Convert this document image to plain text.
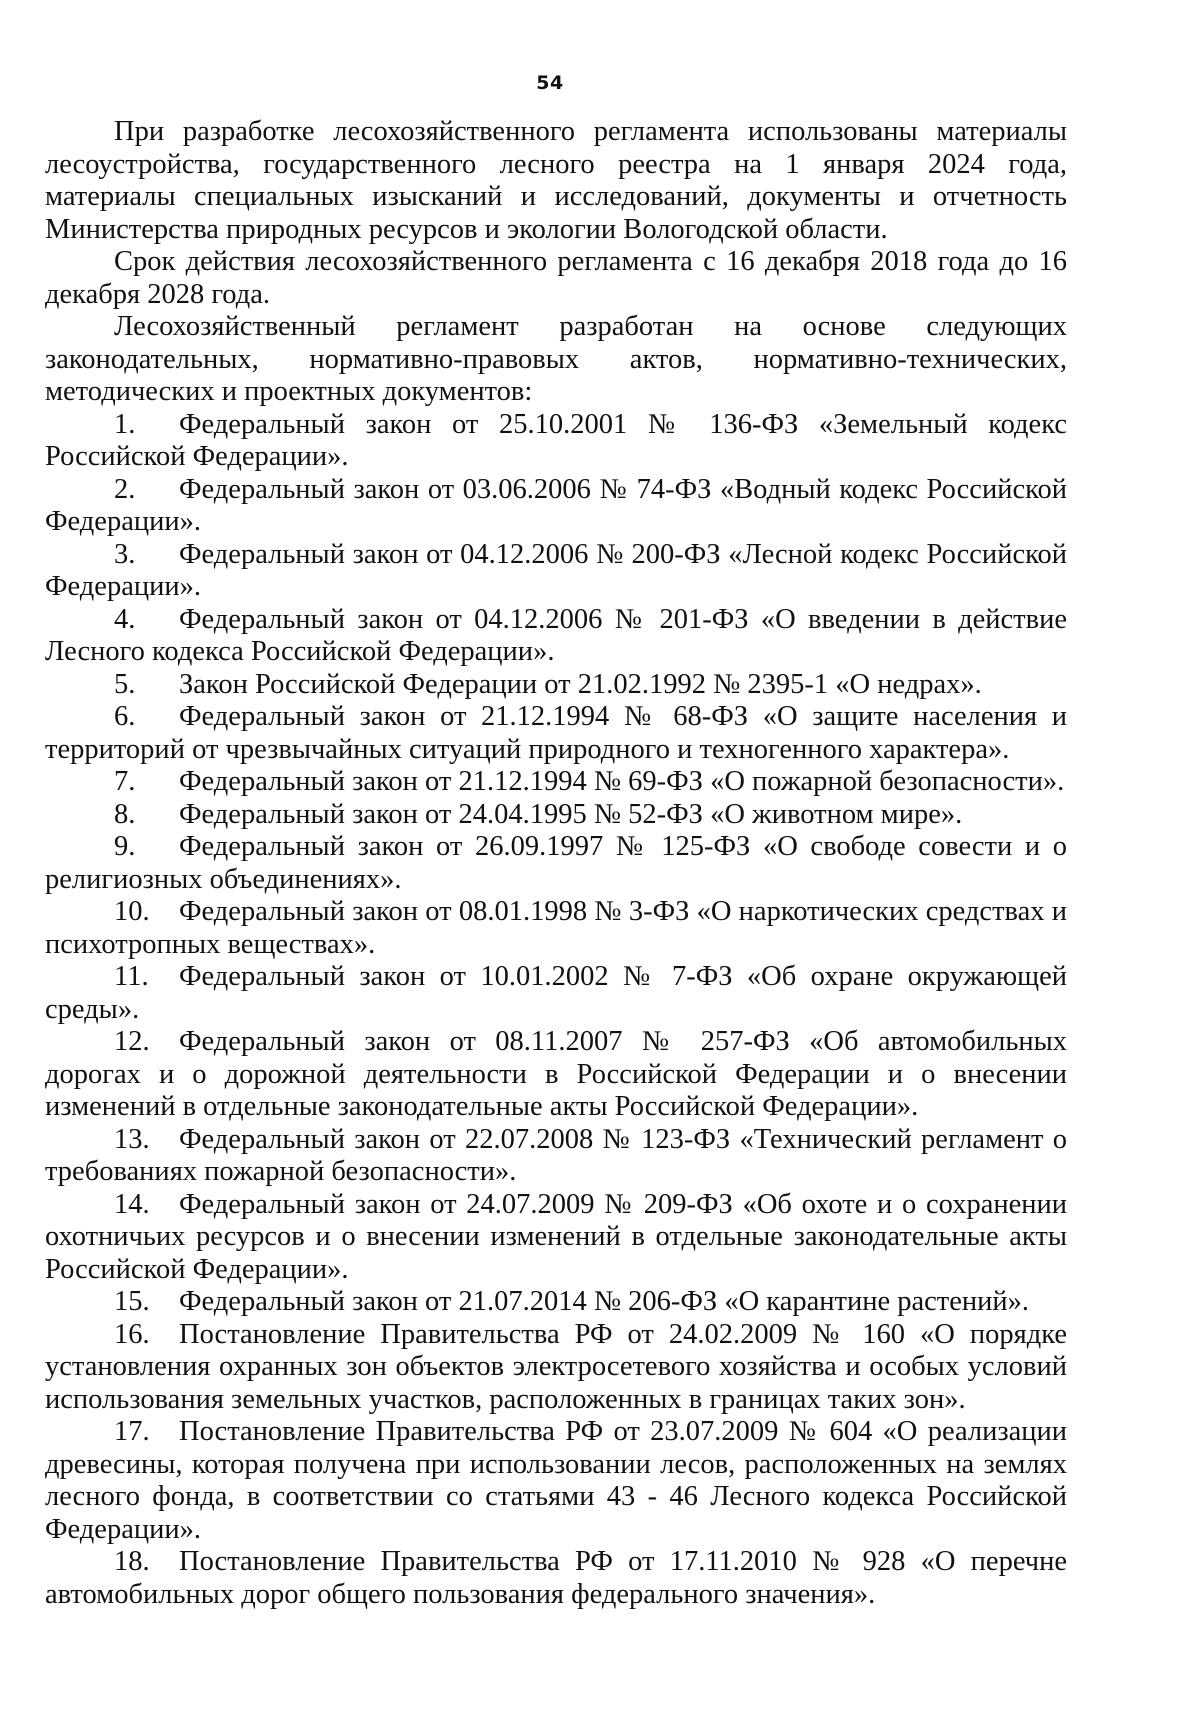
54

При разработке лесохозяйственного регламента использованы материалы лесоустройства, государственного лесного реестра на 1 января 2024 года, материалы специальных изысканий и исследований, документы и отчетность Министерства природных ресурсов и экологии Вологодской области.

Срок действия лесохозяйственного регламента с 16 декабря 2018 года до 16 декабря 2028 года.

Лесохозяйственный регламент разработан на основе следующих законодательных, нормативно-правовых актов, нормативно-технических, методических и проектных документов:

1. Федеральный закон от 25.10.2001 № 136-ФЗ «Земельный кодекс Российской Федерации».

2. Федеральный закон от 03.06.2006 № 74-ФЗ «Водный кодекс Российской Федерации».

3. Федеральный закон от 04.12.2006 № 200-ФЗ «Лесной кодекс Российской Федерации».

4. Федеральный закон от 04.12.2006 № 201-ФЗ «О введении в действие Лесного кодекса Российской Федерации».

5. Закон Российской Федерации от 21.02.1992 № 2395-1 «О недрах».

6. Федеральный закон от 21.12.1994 № 68-ФЗ «О защите населения и территорий от чрезвычайных ситуаций природного и техногенного характера».

7. Федеральный закон от 21.12.1994 № 69-ФЗ «О пожарной безопасности».

8. Федеральный закон от 24.04.1995 № 52-ФЗ «О животном мире».

9. Федеральный закон от 26.09.1997 № 125-ФЗ «О свободе совести и о религиозных объединениях».

10. Федеральный закон от 08.01.1998 № 3-ФЗ «О наркотических средствах и психотропных веществах».

11. Федеральный закон от 10.01.2002 № 7-ФЗ «Об охране окружающей среды».

12. Федеральный закон от 08.11.2007 № 257-ФЗ «Об автомобильных дорогах и о дорожной деятельности в Российской Федерации и о внесении изменений в отдельные законодательные акты Российской Федерации».

13. Федеральный закон от 22.07.2008 № 123-ФЗ «Технический регламент о требованиях пожарной безопасности».

14. Федеральный закон от 24.07.2009 № 209-ФЗ «Об охоте и о сохранении охотничьих ресурсов и о внесении изменений в отдельные законодательные акты Российской Федерации».

15. Федеральный закон от 21.07.2014 № 206-ФЗ «О карантине растений».

16. Постановление Правительства РФ от 24.02.2009 № 160 «О порядке установления охранных зон объектов электросетевого хозяйства и особых условий использования земельных участков, расположенных в границах таких зон».

17. Постановление Правительства РФ от 23.07.2009 № 604 «О реализации древесины, которая получена при использовании лесов, расположенных на землях лесного фонда, в соответствии со статьями 43 - 46 Лесного кодекса Российской Федерации».

18. Постановление Правительства РФ от 17.11.2010 № 928 «О перечне автомобильных дорог общего пользования федерального значения».
